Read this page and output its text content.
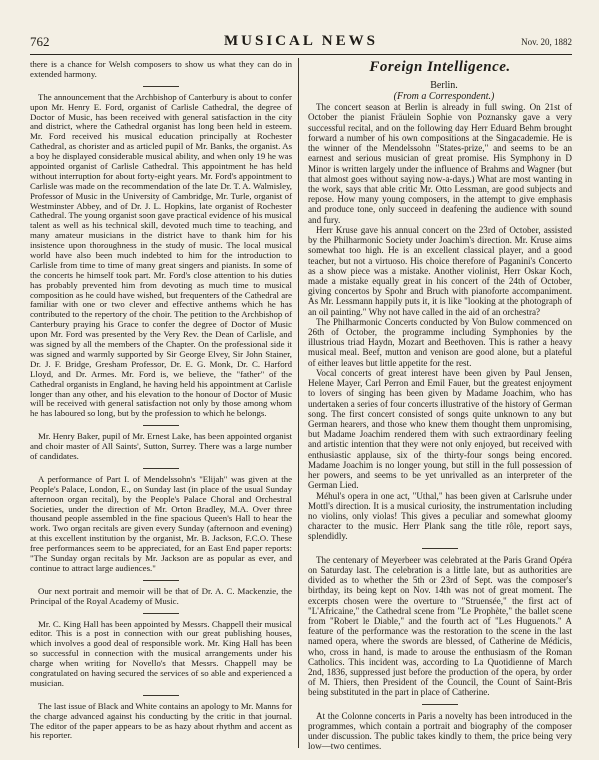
762	MUSICAL NEWS	Nov. 20, 1882

there is a chance for Welsh composers to show us what they can do in extended harmony.

The announcement that the Archbishop of Canterbury is about to confer upon Mr. Henry E. Ford, organist of Carlisle Cathedral, the degree of Doctor of Music, has been received with general satisfaction in the city and district, where the Cathedral organist has long been held in esteem. Mr. Ford received his musical education principally at Rochester Cathedral, as chorister and as articled pupil of Mr. Banks, the organist. As a boy he displayed considerable musical ability, and when only 19 he was appointed organist of Carlisle Cathedral. This appointment he has held without interruption for about forty-eight years. Mr. Ford's appointment to Carlisle was made on the recommendation of the late Dr. T. A. Walmisley, Professor of Music in the University of Cambridge, Mr. Turle, organist of Westminster Abbey, and of Dr. J. L. Hopkins, late organist of Rochester Cathedral. The young organist soon gave practical evidence of his musical talent as well as his technical skill, devoted much time to teaching, and many amateur musicians in the district have to thank him for his insistence upon thoroughness in the study of music. The local musical world have also been much indebted to him for the introduction to Carlisle from time to time of many great singers and pianists. In some of the concerts he himself took part. Mr. Ford's close attention to his duties has probably prevented him from devoting as much time to musical composition as he could have wished, but frequenters of the Cathedral are familiar with one or two clever and effective anthems which he has contributed to the repertory of the choir. The petition to the Archbishop of Canterbury praying his Grace to confer the degree of Doctor of Music upon Mr. Ford was presented by the Very Rev. the Dean of Carlisle, and was signed by all the members of the Chapter. On the professional side it was signed and warmly supported by Sir George Elvey, Sir John Stainer, Dr. J. F. Bridge, Gresham Professor, Dr. E. G. Monk, Dr. C. Harford Lloyd, and Dr. Armes. Mr. Ford is, we believe, the "father" of the Cathedral organists in England, he having held his appointment at Carlisle longer than any other, and his elevation to the honour of Doctor of Music will be received with general satisfaction not only by those among whom he has laboured so long, but by the profession to which he belongs.

Mr. Henry Baker, pupil of Mr. Ernest Lake, has been appointed organist and choir master of All Saints', Sutton, Surrey. There was a large number of candidates.

A performance of Part I. of Mendelssohn's "Elijah" was given at the People's Palace, London, E., on Sunday last (in place of the usual Sunday afternoon organ recital), by the People's Palace Choral and Orchestral Societies, under the direction of Mr. Orton Bradley, M.A. Over three thousand people assembled in the fine spacious Queen's Hall to hear the work. Two organ recitals are given every Sunday (afternoon and evening) at this excellent institution by the organist, Mr. B. Jackson, F.C.O. These free performances seem to be appreciated, for an East End paper reports: "The Sunday organ recitals by Mr. Jackson are as popular as ever, and continue to attract large audiences."

Our next portrait and memoir will be that of Dr. A. C. Mackenzie, the Principal of the Royal Academy of Music.

Mr. C. King Hall has been appointed by Messrs. Chappell their musical editor. This is a post in connection with our great publishing houses, which involves a good deal of responsible work. Mr. King Hall has been so successful in connection with the musical arrangements under his charge when writing for Novello's that Messrs. Chappell may be congratulated on having secured the services of so able and experienced a musician.

The last issue of Black and White contains an apology to Mr. Manns for the charge advanced against his conducting by the critic in that journal. The editor of the paper appears to be as hazy about rhythm and accent as his reporter.

Foreign Intelligence.

Berlin.

(From a Correspondent.)

The concert season at Berlin is already in full swing. On 21st of October the pianist Fräulein Sophie von Poznansky gave a very successful recital, and on the following day Herr Eduard Behm brought forward a number of his own compositions at the Singacademie. He is the winner of the Mendelssohn "States-prize," and seems to be an earnest and serious musician of great promise. His Symphony in D Minor is written largely under the influence of Brahms and Wagner (but that almost goes without saying now-a-days.) What are most wanting in the work, says that able critic Mr. Otto Lessman, are good subjects and repose. How many young composers, in the attempt to give emphasis and produce tone, only succeed in deafening the audience with sound and fury.

Herr Kruse gave his annual concert on the 23rd of October, assisted by the Philharmonic Society under Joachim's direction. Mr. Kruse aims somewhat too high. He is an excellent classical player, and a good teacher, but not a virtuoso. His choice therefore of Paganini's Concerto as a show piece was a mistake. Another violinist, Herr Oskar Koch, made a mistake equally great in his concert of the 24th of October, giving concertos by Spohr and Bruch with pianoforte accompaniment. As Mr. Lessmann happily puts it, it is like "looking at the photograph of an oil painting." Why not have called in the aid of an orchestra?

The Philharmonic Concerts conducted by Von Bulow commenced on 26th of October, the programme including Symphonies by the illustrious triad Haydn, Mozart and Beethoven. This is rather a heavy musical meal. Beef, mutton and venison are good alone, but a plateful of either leaves but little appetite for the rest.

Vocal concerts of great interest have been given by Paul Jensen, Helene Mayer, Carl Perron and Emil Fauer, but the greatest enjoyment to lovers of singing has been given by Madame Joachim, who has undertaken a series of four concerts illustrative of the history of German song. The first concert consisted of songs quite unknown to any but German hearers, and those who knew them thought them unpromising, but Madame Joachim rendered them with such extraordinary feeling and artistic intention that they were not only enjoyed, but received with enthusiastic applause, six of the thirty-four songs being encored. Madame Joachim is no longer young, but still in the full possession of her powers, and seems to be yet unrivalled as an interpreter of the German Lied.

Méhul's opera in one act, "Uthal," has been given at Carlsruhe under Mottl's direction. It is a musical curiosity, the instrumentation including no violins, only violas! This gives a peculiar and somewhat gloomy character to the music. Herr Plank sang the title rôle, report says, splendidly.

The centenary of Meyerbeer was celebrated at the Paris Grand Opéra on Saturday last. The celebration is a little late, but as authorities are divided as to whether the 5th or 23rd of Sept. was the composer's birthday, its being kept on Nov. 14th was not of great moment. The excerpts chosen were the overture to "Struensée," the first act of "L'Africaine," the Cathedral scene from "Le Prophète," the ballet scene from "Robert le Diable," and the fourth act of "Les Huguenots." A feature of the performance was the restoration to the scene in the last named opera, where the swords are blessed, of Catherine de Médicis, who, cross in hand, is made to arouse the enthusiasm of the Roman Catholics. This incident was, according to La Quotidienne of March 2nd, 1836, suppressed just before the production of the opera, by order of M. Thiers, then President of the Council, the Count of Saint-Bris being substituted in the part in place of Catherine.

At the Colonne concerts in Paris a novelty has been introduced in the programmes, which contain a portrait and biography of the composer under discussion. The public takes kindly to them, the price being very low—two centimes.
